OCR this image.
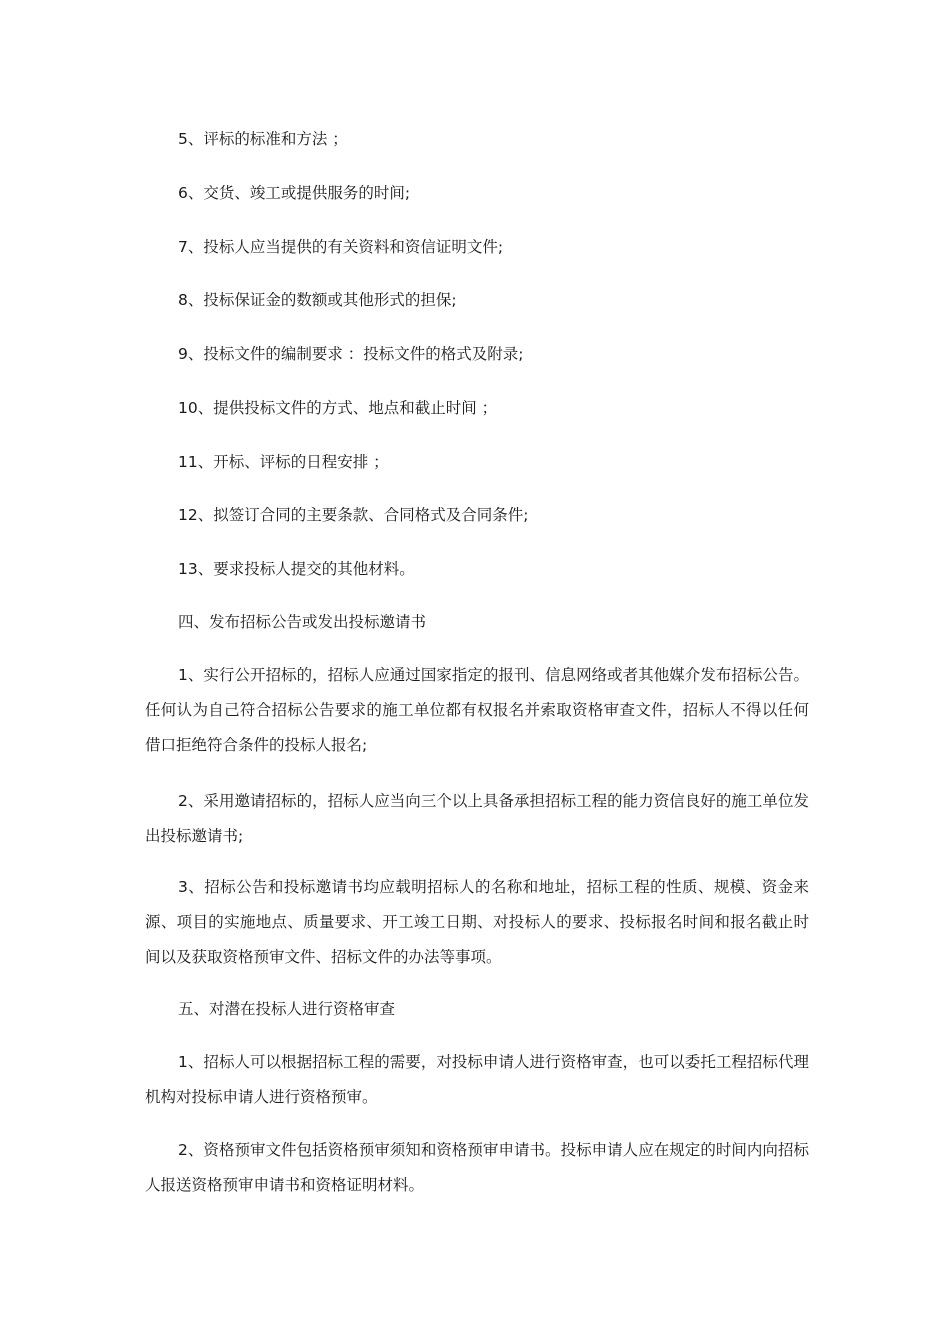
5、评标的标准和方法 ；
6、交货、竣工或提供服务的时间;
7、投标人应当提供的有关资料和资信证明文件;
8、投标保证金的数额或其他形式的担保;
9、投标文件的编制要求 ：投标文件的格式及附录;
10、提供投标文件的方式、地点和截止时间 ；
11、开标、评标的日程安排 ；
12、拟签订合同的主要条款、合同格式及合同条件;
13、要求投标人提交的其他材料。
四、发布招标公告或发出投标邀请书
1、实行公开招标的，招标人应通过国家指定的报刊、信息网络或者其他媒介发布招标公告。任何认为自己符合招标公告要求的施工单位都有权报名并索取资格审查文件，招标人不得以任何借口拒绝符合条件的投标人报名;
2、采用邀请招标的，招标人应当向三个以上具备承担招标工程的能力资信良好的施工单位发出投标邀请书;
3、招标公告和投标邀请书均应载明招标人的名称和地址，招标工程的性质、规模、资金来源、项目的实施地点、质量要求、开工竣工日期、对投标人的要求、投标报名时间和报名截止时间以及获取资格预审文件、招标文件的办法等事项。
五、对潜在投标人进行资格审查
1、招标人可以根据招标工程的需要，对投标申请人进行资格审查，也可以委托工程招标代理机构对投标申请人进行资格预审。
2、资格预审文件包括资格预审须知和资格预审申请书。投标申请人应在规定的时间内向招标人报送资格预审申请书和资格证明材料。
